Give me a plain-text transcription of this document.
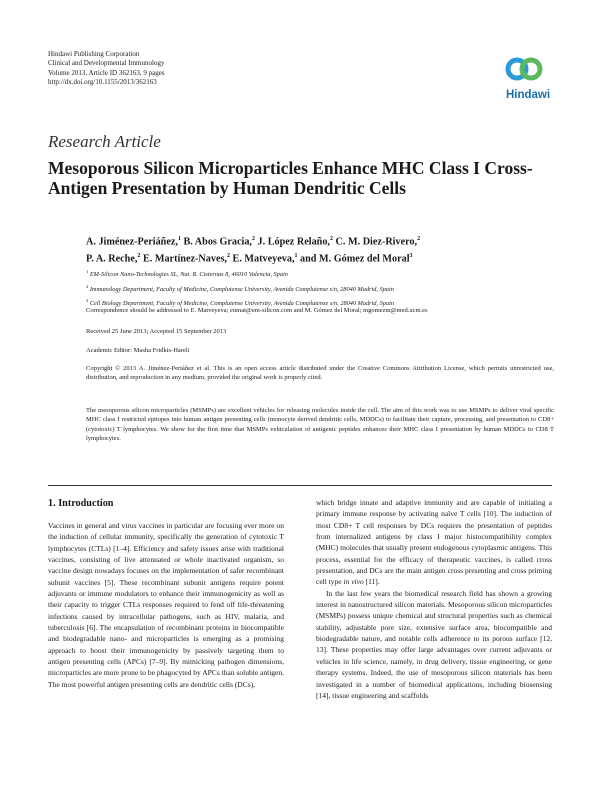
Hindawi Publishing Corporation
Clinical and Developmental Immunology
Volume 2013, Article ID 362163, 9 pages
http://dx.doi.org/10.1155/2013/362163
Hindawi
Research Article
Mesoporous Silicon Microparticles Enhance MHC Class I Cross-Antigen Presentation by Human Dendritic Cells
A. Jiménez-Periáñez,$^1$ B. Abos Gracia,$^2$ J. López Relaño,$^2$ C. M. Diez-Rivero,$^2$
P. A. Reche,$^2$ E. Martínez-Naves,$^2$ E. Matveyeva,$^1$ and M. Gómez del Moral$^3$
$^1$ EM-Silicon Nano-Technologies SL, Nat. R. Cisternas 8, 46010 Valencia, Spain
$^2$ Immunology Department, Faculty of Medicine, Complutense University, Avenida Complutense s/n, 28040 Madrid, Spain
$^3$ Cell Biology Department, Faculty of Medicine, Complutense University, Avenida Complutense s/n, 28040 Madrid, Spain
Correspondence should be addressed to E. Matveyeva; eumat@em-silicon.com and M. Gómez del Moral; mgomezm@med.ucm.es
Received 25 June 2013; Accepted 15 September 2013
Academic Editor: Masha Fridkis-Hareli
Copyright © 2013 A. Jiménez-Periáñez et al. This is an open access article distributed under the Creative Commons Attribution License, which permits unrestricted use, distribution, and reproduction in any medium, provided the original work is properly cited.
The mesoporous silicon microparticles (MSMPs) are excellent vehicles for releasing molecules inside the cell. The aim of this work was to use MSMPs to deliver viral specific MHC class I restricted epitopes into human antigen presenting cells (monocyte derived dendritic cells, MDDCs) to facilitate their capture, processing, and presentation to CD8+ (cytotoxic) T lymphocytes. We show for the first time that MSMPs vehiculation of antigenic peptides enhances their MHC class I presentation by human MDDCs to CD8 T lymphocytes.
1. Introduction

Vaccines in general and virus vaccines in particular are focusing ever more on the induction of cellular immunity, specifically the generation of cytotoxic T lymphocytes (CTLs) [1–4]. Efficiency and safety issues arise with traditional vaccines, consisting of live attenuated or whole inactivated organism, so vaccine design nowadays focuses on the implementation of safer recombinant subunit vaccines [5]. These recombinant subunit antigens require potent adjuvants or immune modulators to enhance their immunogenicity as well as their capacity to trigger CTLs responses required to fend off life-threatening infections caused by intracellular pathogens, such as HIV, malaria, and tuberculosis [6]. The encapsulation of recombinant proteins in biocompatible and biodegradable nano- and microparticles is emerging as a promising approach to boost their immunogenicity by passively targeting them to antigen presenting cells (APCs) [7–9]. By mimicking pathogen dimensions, microparticles are more prone to be phagocyted by APCs than soluble antigen. The most powerful antigen presenting cells are dendritic cells (DCs),

which bridge innate and adaptive immunity and are capable of initiating a primary immune response by activating naïve T cells [10]. The induction of most CD8+ T cell responses by DCs requires the presentation of peptides from internalized antigens by class I major histocompatibility complex (MHC) molecules that usually present endogenous cytoplasmic antigens. This process, essential for the efficacy of therapeutic vaccines, is called cross presentation, and DCs are the main antigen cross presenting and cross priming cell type in vivo [11].

In the last few years the biomedical research field has shown a growing interest in nanostructured silicon materials. Mesoporous silicon microparticles (MSMPs) possess unique chemical and structural properties such as chemical stability, adjustable pore size, extensive surface area, biocompatible and biodegradable nature, and notable cells adherence to its porous surface [12, 13]. These properties may offer large advantages over current adjuvants or vehicles in life science, namely, in drug delivery, tissue engineering, or gene therapy systems. Indeed, the use of mesoporous silicon materials has been investigated in a number of biomedical applications, including biosensing [14], tissue engineering and scaffolds
